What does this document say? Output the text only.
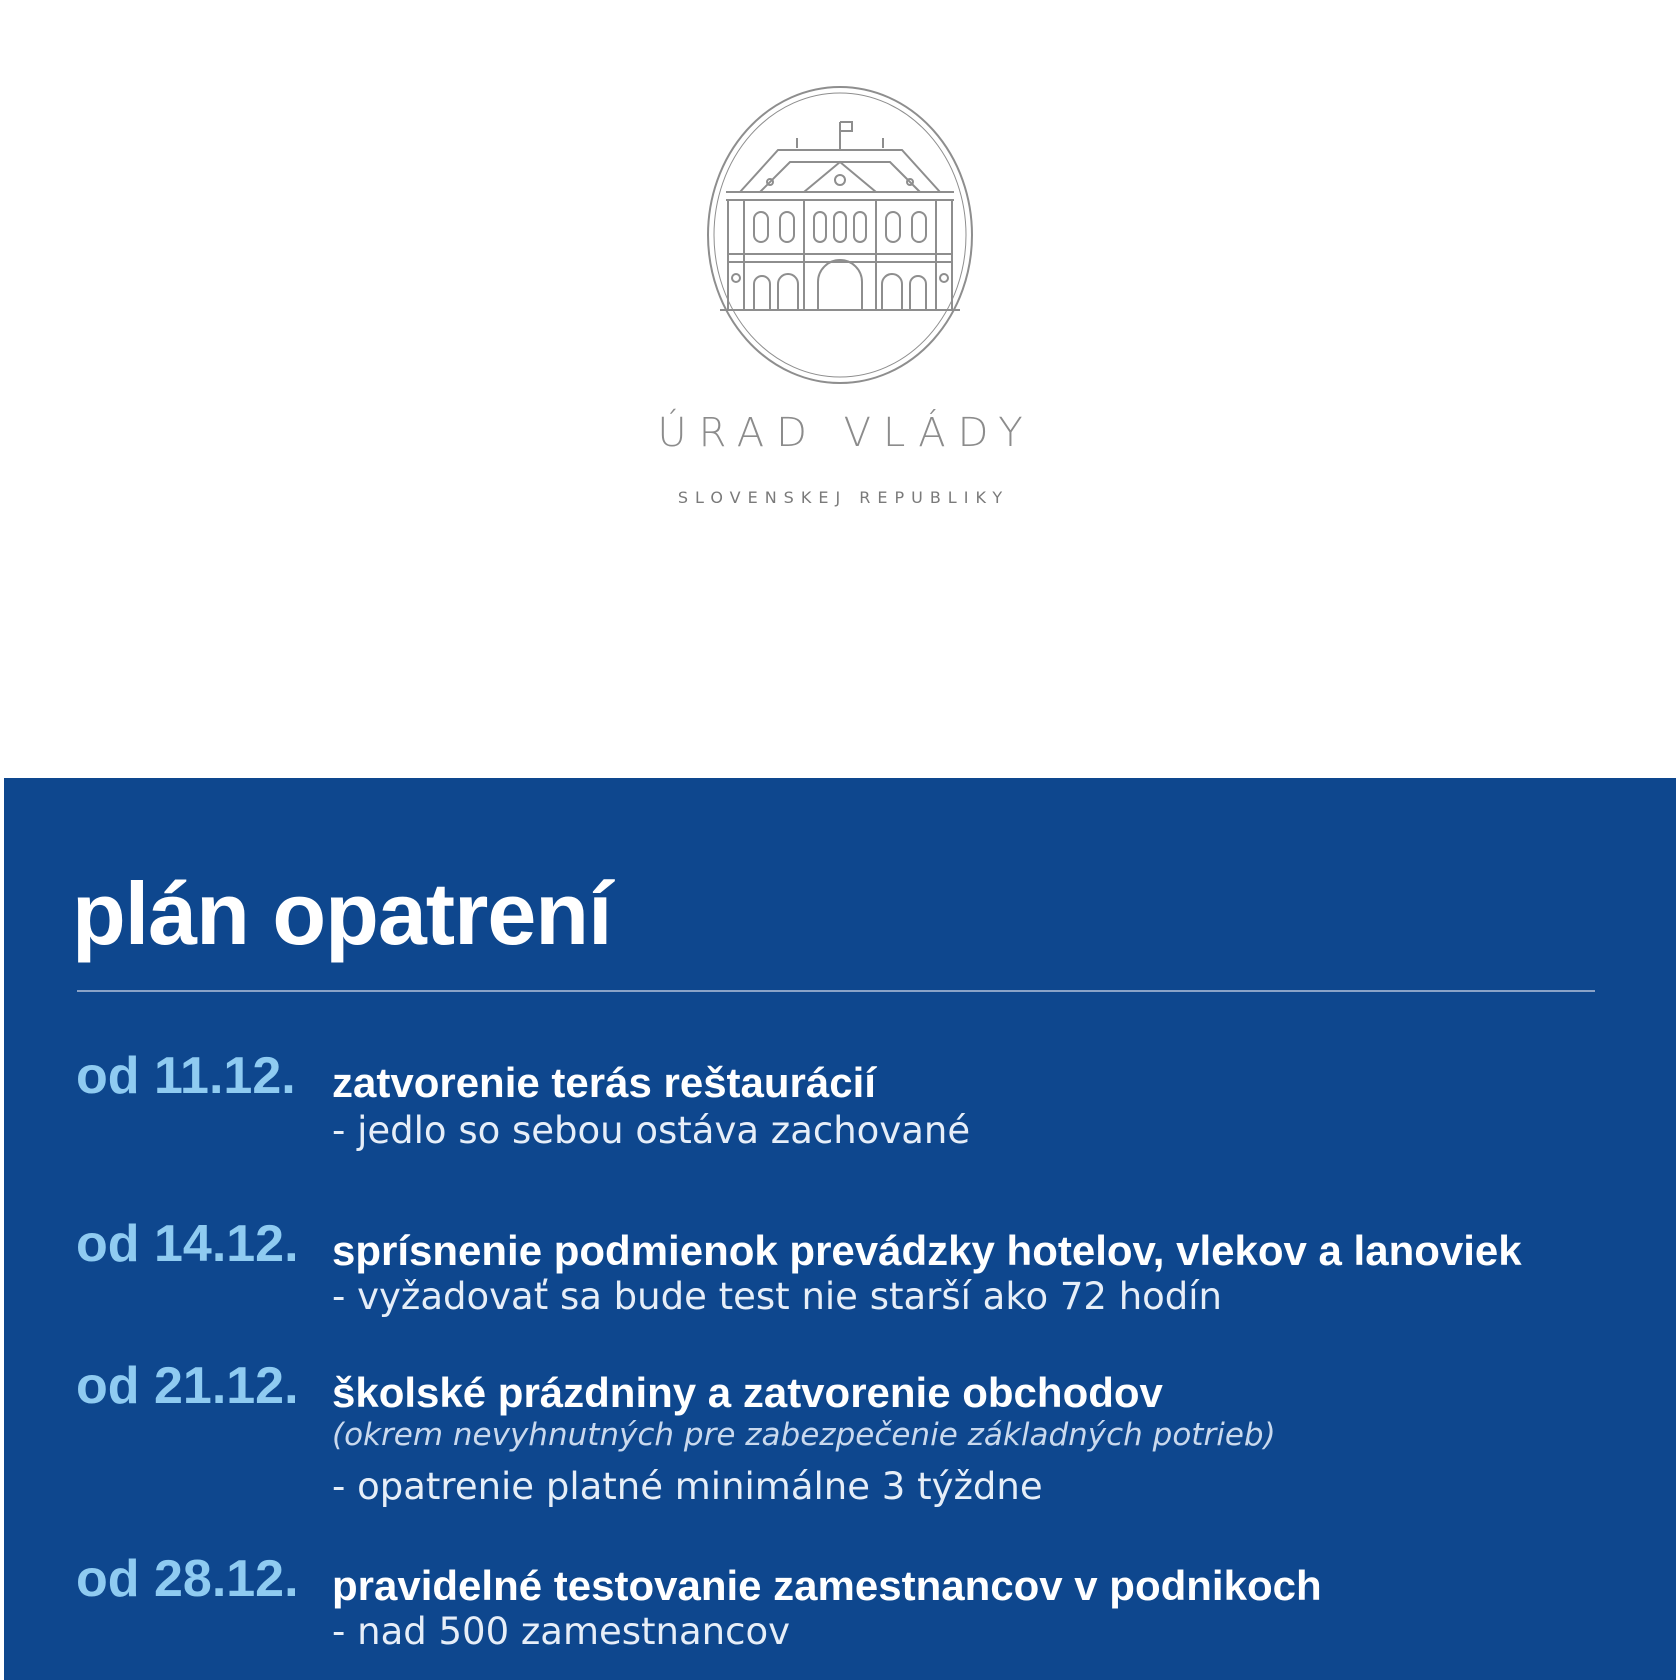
ÚRAD VLÁDY
SLOVENSKEJ REPUBLIKY
plán opatrení
od 11.12. zatvorenie terás reštaurácií
- jedlo so sebou ostáva zachované
od 14.12. sprísnenie podmienok prevádzky hotelov, vlekov a lanoviek
- vyžadovať sa bude test nie starší ako 72 hodín
od 21.12. školské prázdniny a zatvorenie obchodov
(okrem nevyhnutných pre zabezpečenie základných potrieb)
- opatrenie platné minimálne 3 týždne
od 28.12. pravidelné testovanie zamestnancov v podnikoch
- nad 500 zamestnancov
